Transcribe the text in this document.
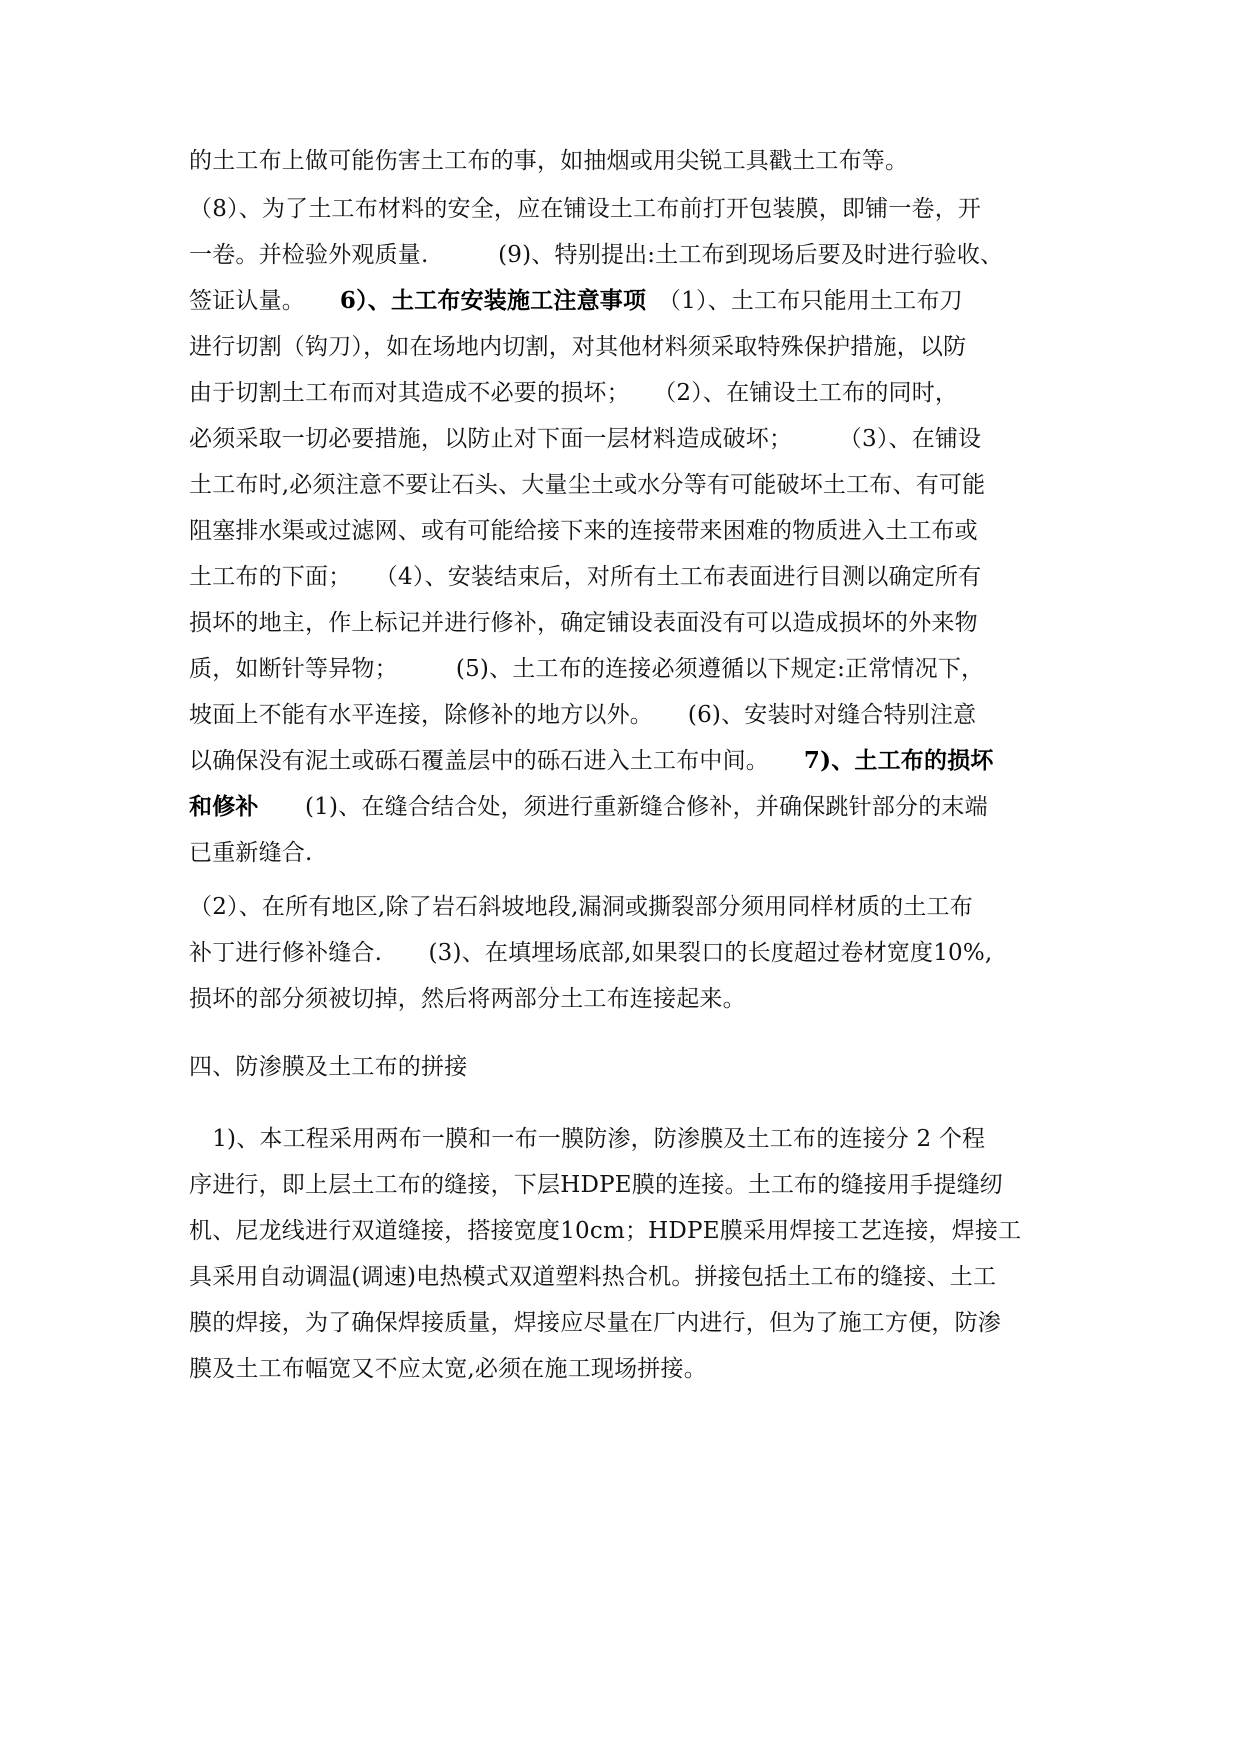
的土工布上做可能伤害土工布的事，如抽烟或用尖锐工具戳土工布等。
（8）、为了土工布材料的安全，应在铺设土工布前打开包装膜，即铺一卷，开
一卷。并检验外观质量.　　　(9)、特别提出:土工布到现场后要及时进行验收、
签证认量。　　6）、土工布安装施工注意事项　（1）、土工布只能用土工布刀
进行切割（钩刀），如在场地内切割，对其他材料须采取特殊保护措施，以防
由于切割土工布而对其造成不必要的损坏；　　（2）、在铺设土工布的同时，
必须采取一切必要措施，以防止对下面一层材料造成破坏；　　　（3）、在铺设
土工布时,必须注意不要让石头、大量尘土或水分等有可能破坏土工布、有可能
阻塞排水渠或过滤网、或有可能给接下来的连接带来困难的物质进入土工布或
土工布的下面；　　（4）、安装结束后，对所有土工布表面进行目测以确定所有
损坏的地主，作上标记并进行修补，确定铺设表面没有可以造成损坏的外来物
质，如断针等异物；　　　(5)、土工布的连接必须遵循以下规定:正常情况下，
坡面上不能有水平连接，除修补的地方以外。　　(6)、安装时对缝合特别注意
以确保没有泥土或砾石覆盖层中的砾石进入土工布中间。　　7)、土工布的损坏
和修补　　(1)、在缝合结合处，须进行重新缝合修补，并确保跳针部分的末端
已重新缝合.
（2）、在所有地区,除了岩石斜坡地段,漏洞或撕裂部分须用同样材质的土工布
补丁进行修补缝合.　　(3)、在填埋场底部,如果裂口的长度超过卷材宽度10%,
损坏的部分须被切掉，然后将两部分土工布连接起来。
四、防渗膜及土工布的拼接
　1)、本工程采用两布一膜和一布一膜防渗，防渗膜及土工布的连接分 2 个程
序进行，即上层土工布的缝接，下层HDPE膜的连接。土工布的缝接用手提缝纫
机、尼龙线进行双道缝接，搭接宽度10cm；HDPE膜采用焊接工艺连接，焊接工
具采用自动调温(调速)电热模式双道塑料热合机。拼接包括土工布的缝接、土工
膜的焊接，为了确保焊接质量，焊接应尽量在厂内进行，但为了施工方便，防渗
膜及土工布幅宽又不应太宽,必须在施工现场拼接。
